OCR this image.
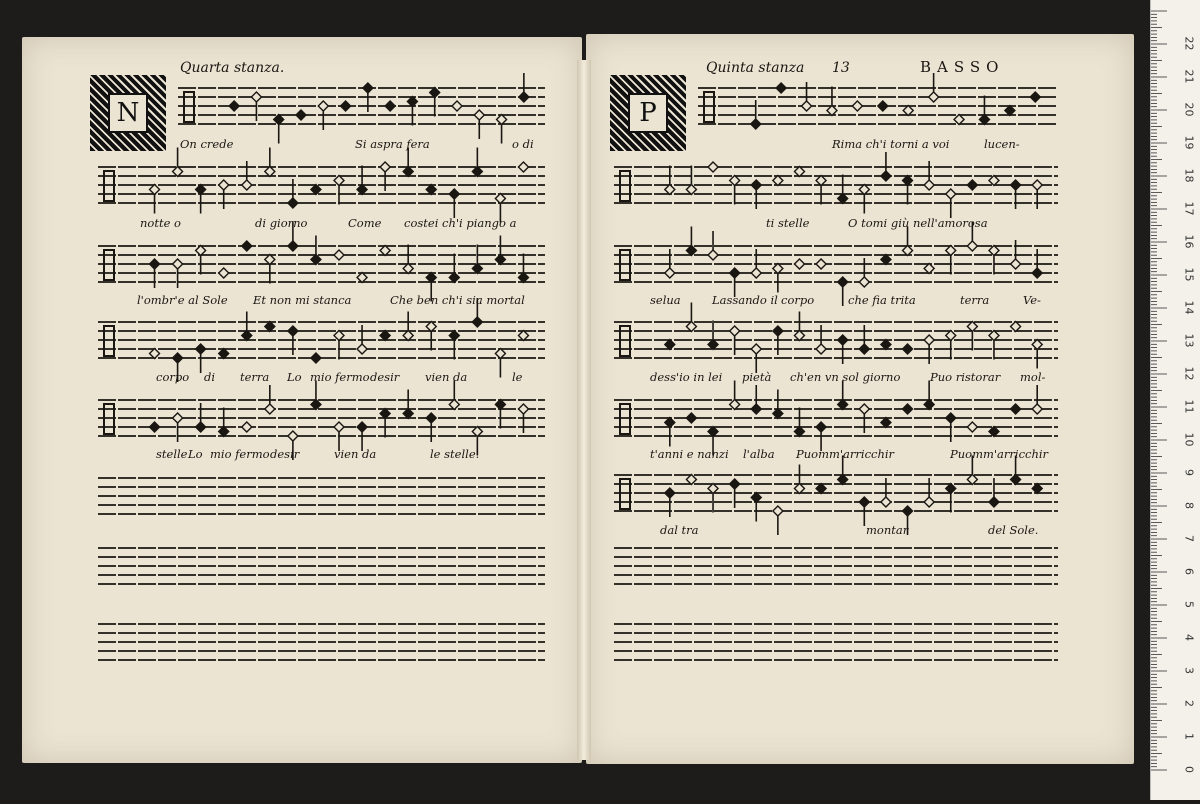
Quarta stanza.
N
Quinta stanza 13	BASSO
P
On crede	Si aspra fera	o di
notte o	di giorno	Come costei ch'i piango a
l'ombr'e al Sole Et non mi stanca	Che ben ch'i sia mortal
corpo di terra Lo mio fermo desir vien da	le
stelle Lo mio fermo desir	vien da	le stelle.
Rima ch'i torni a voi	lucen-
ti stelle	O tomi giù nell'amorosa
selua	Lassando il corpo	che fia trita	terra	Ve-
dess'io in lei pietà ch'en vn sol giorno	Puo ristorar mol-
t'anni e nanzi l'alba Puomm'arricchir	Puomm'arricchir
dal tra	montar	del Sole.
22
21
20
19
18
17
16
15
14
13
12
11
10
9
8
7
6
5
4
3
2
1
0
